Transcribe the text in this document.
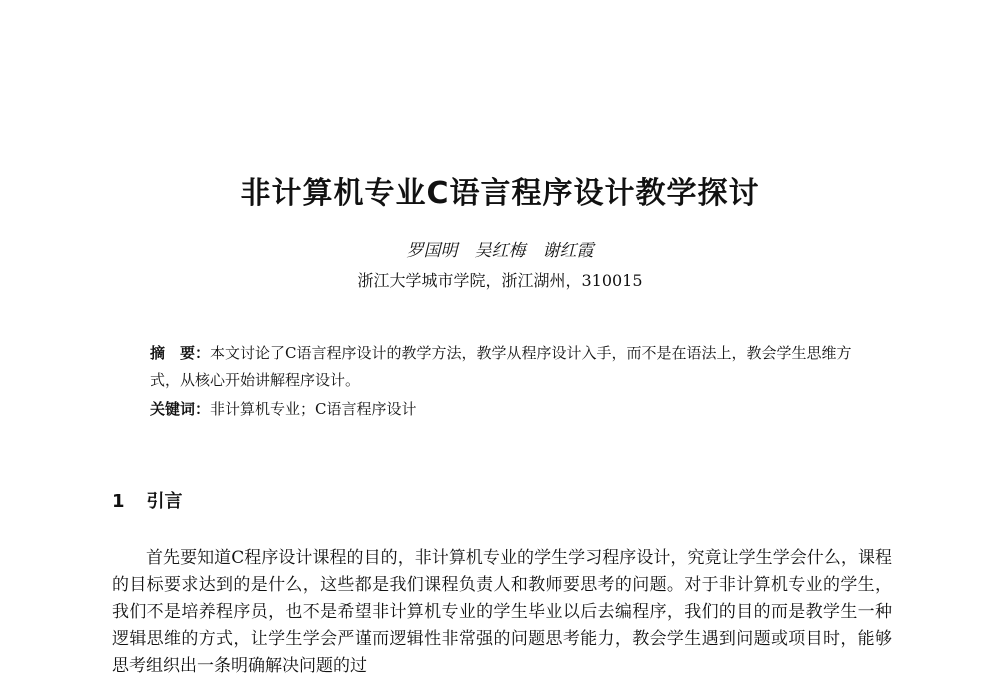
非计算机专业C语言程序设计教学探讨
罗国明　吴红梅　谢红霞
浙江大学城市学院，浙江湖州，310015
摘　要：本文讨论了C语言程序设计的教学方法，教学从程序设计入手，而不是在语法上，教会学生思维方式，从核心开始讲解程序设计。
关键词：非计算机专业；C语言程序设计
1 引言
首先要知道C程序设计课程的目的，非计算机专业的学生学习程序设计，究竟让学生学会什么，课程的目标要求达到的是什么，这些都是我们课程负责人和教师要思考的问题。对于非计算机专业的学生，我们不是培养程序员，也不是希望非计算机专业的学生毕业以后去编程序，我们的目的而是教学生一种逻辑思维的方式，让学生学会严谨而逻辑性非常强的问题思考能力，教会学生遇到问题或项目时，能够思考组织出一条明确解决问题的过
